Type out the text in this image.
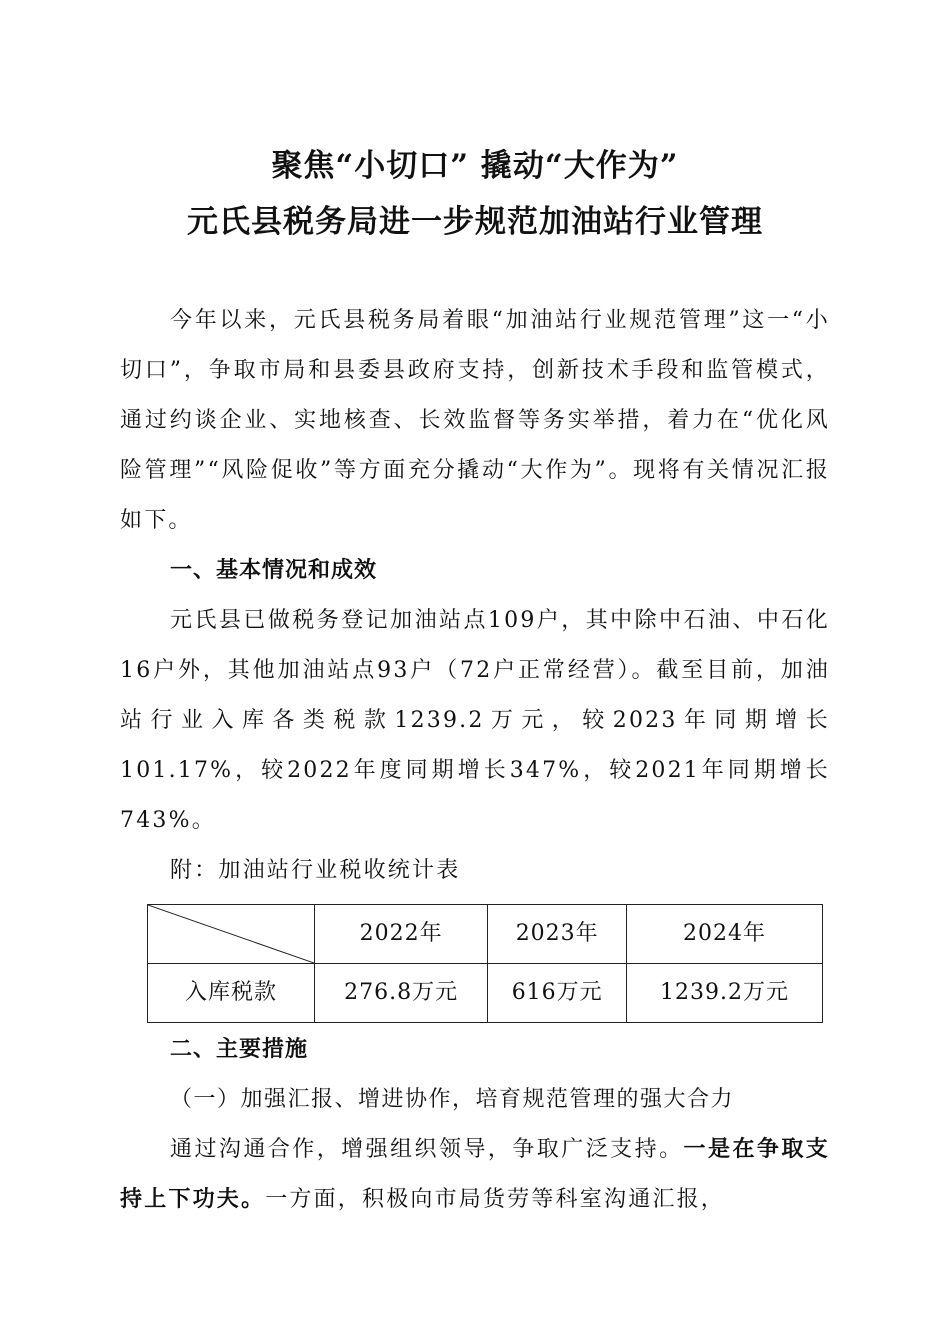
聚焦“小切口” 撬动“大作为”
元氏县税务局进一步规范加油站行业管理

今年以来，元氏县税务局着眼“加油站行业规范管理”这一“小切口”，争取市局和县委县政府支持，创新技术手段和监管模式，通过约谈企业、实地核查、长效监督等务实举措，着力在“优化风险管理”“风险促收”等方面充分撬动“大作为”。现将有关情况汇报如下。

一、基本情况和成效

元氏县已做税务登记加油站点109户，其中除中石油、中石化16户外，其他加油站点93户（72户正常经营）。截至目前，加油站行业入库各类税款1239.2万元，较2023年同期增长101.17%，较2022年度同期增长347%，较2021年同期增长743%。

附：加油站行业税收统计表

	2022年	2023年	2024年
入库税款	276.8万元	616万元	1239.2万元

二、主要措施

（一）加强汇报、增进协作，培育规范管理的强大合力

通过沟通合作，增强组织领导，争取广泛支持。一是在争取支持上下功夫。一方面，积极向市局货劳等科室沟通汇报，
